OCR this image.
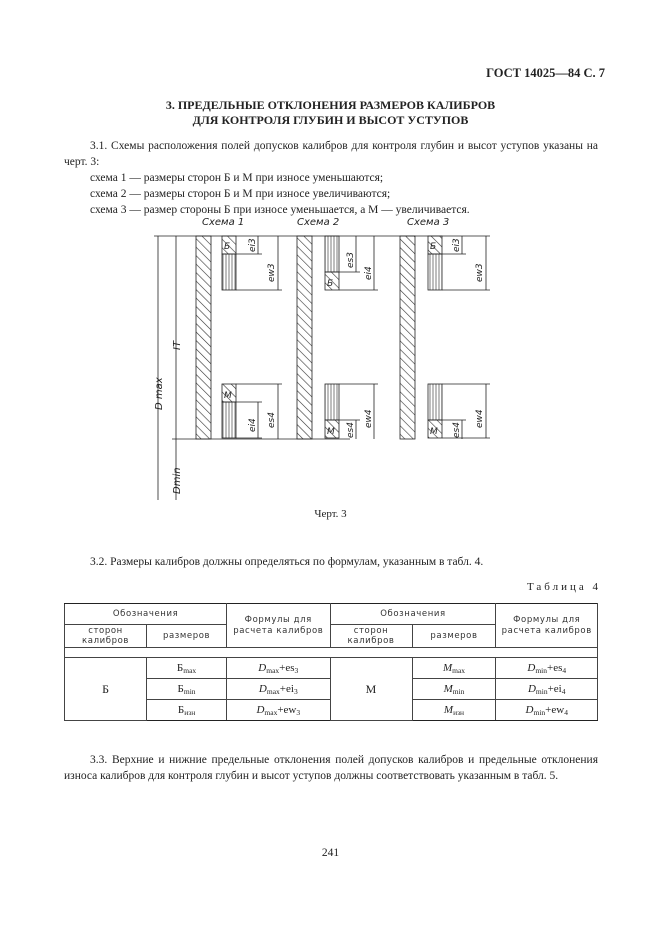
ГОСТ 14025—84 С. 7
3. ПРЕДЕЛЬНЫЕ ОТКЛОНЕНИЯ РАЗМЕРОВ КАЛИБРОВ
ДЛЯ КОНТРОЛЯ ГЛУБИН И ВЫСОТ УСТУПОВ
3.1. Схемы расположения полей допусков калибров для контроля глубин и высот уступов указаны на черт. 3:
схема 1 — размеры сторон Б и М при износе уменьшаются;
схема 2 — размеры сторон Б и М при износе увеличиваются;
схема 3 — размер стороны Б при износе уменьшается, а М — увеличивается.
Схема 1	Схема 2	Схема 3
D max
IT
Dmin
Б
М
ei3
ew3
ei4 es4
Б
М
es3
ei4
es4
ew4
Б
М
ei3
ew3
es4
ew4
Черт. 3
3.2. Размеры калибров должны определяться по формулам, указанным в табл. 4.
Таблица 4
Обозначения		Формулы для расчета калибров	Обозначения		Формулы для расчета калибров
сторон калибров	размеров		сторон калибров	размеров	

Б	$Б_{max}$	$D_{max}+es_3$	М	$M_{max}$	$D_{min}+es_4$
	$Б_{min}$	$D_{max}+ei_3$		$M_{min}$	$D_{min}+ei_4$
	$Б_{изн}$	$D_{max}+ew_3$		$M_{изн}$	$D_{min}+ew_4$
3.3. Верхние и нижние предельные отклонения полей допусков калибров и предельные отклонения износа калибров для контроля глубин и высот уступов должны соответствовать указанным в табл. 5.
241
